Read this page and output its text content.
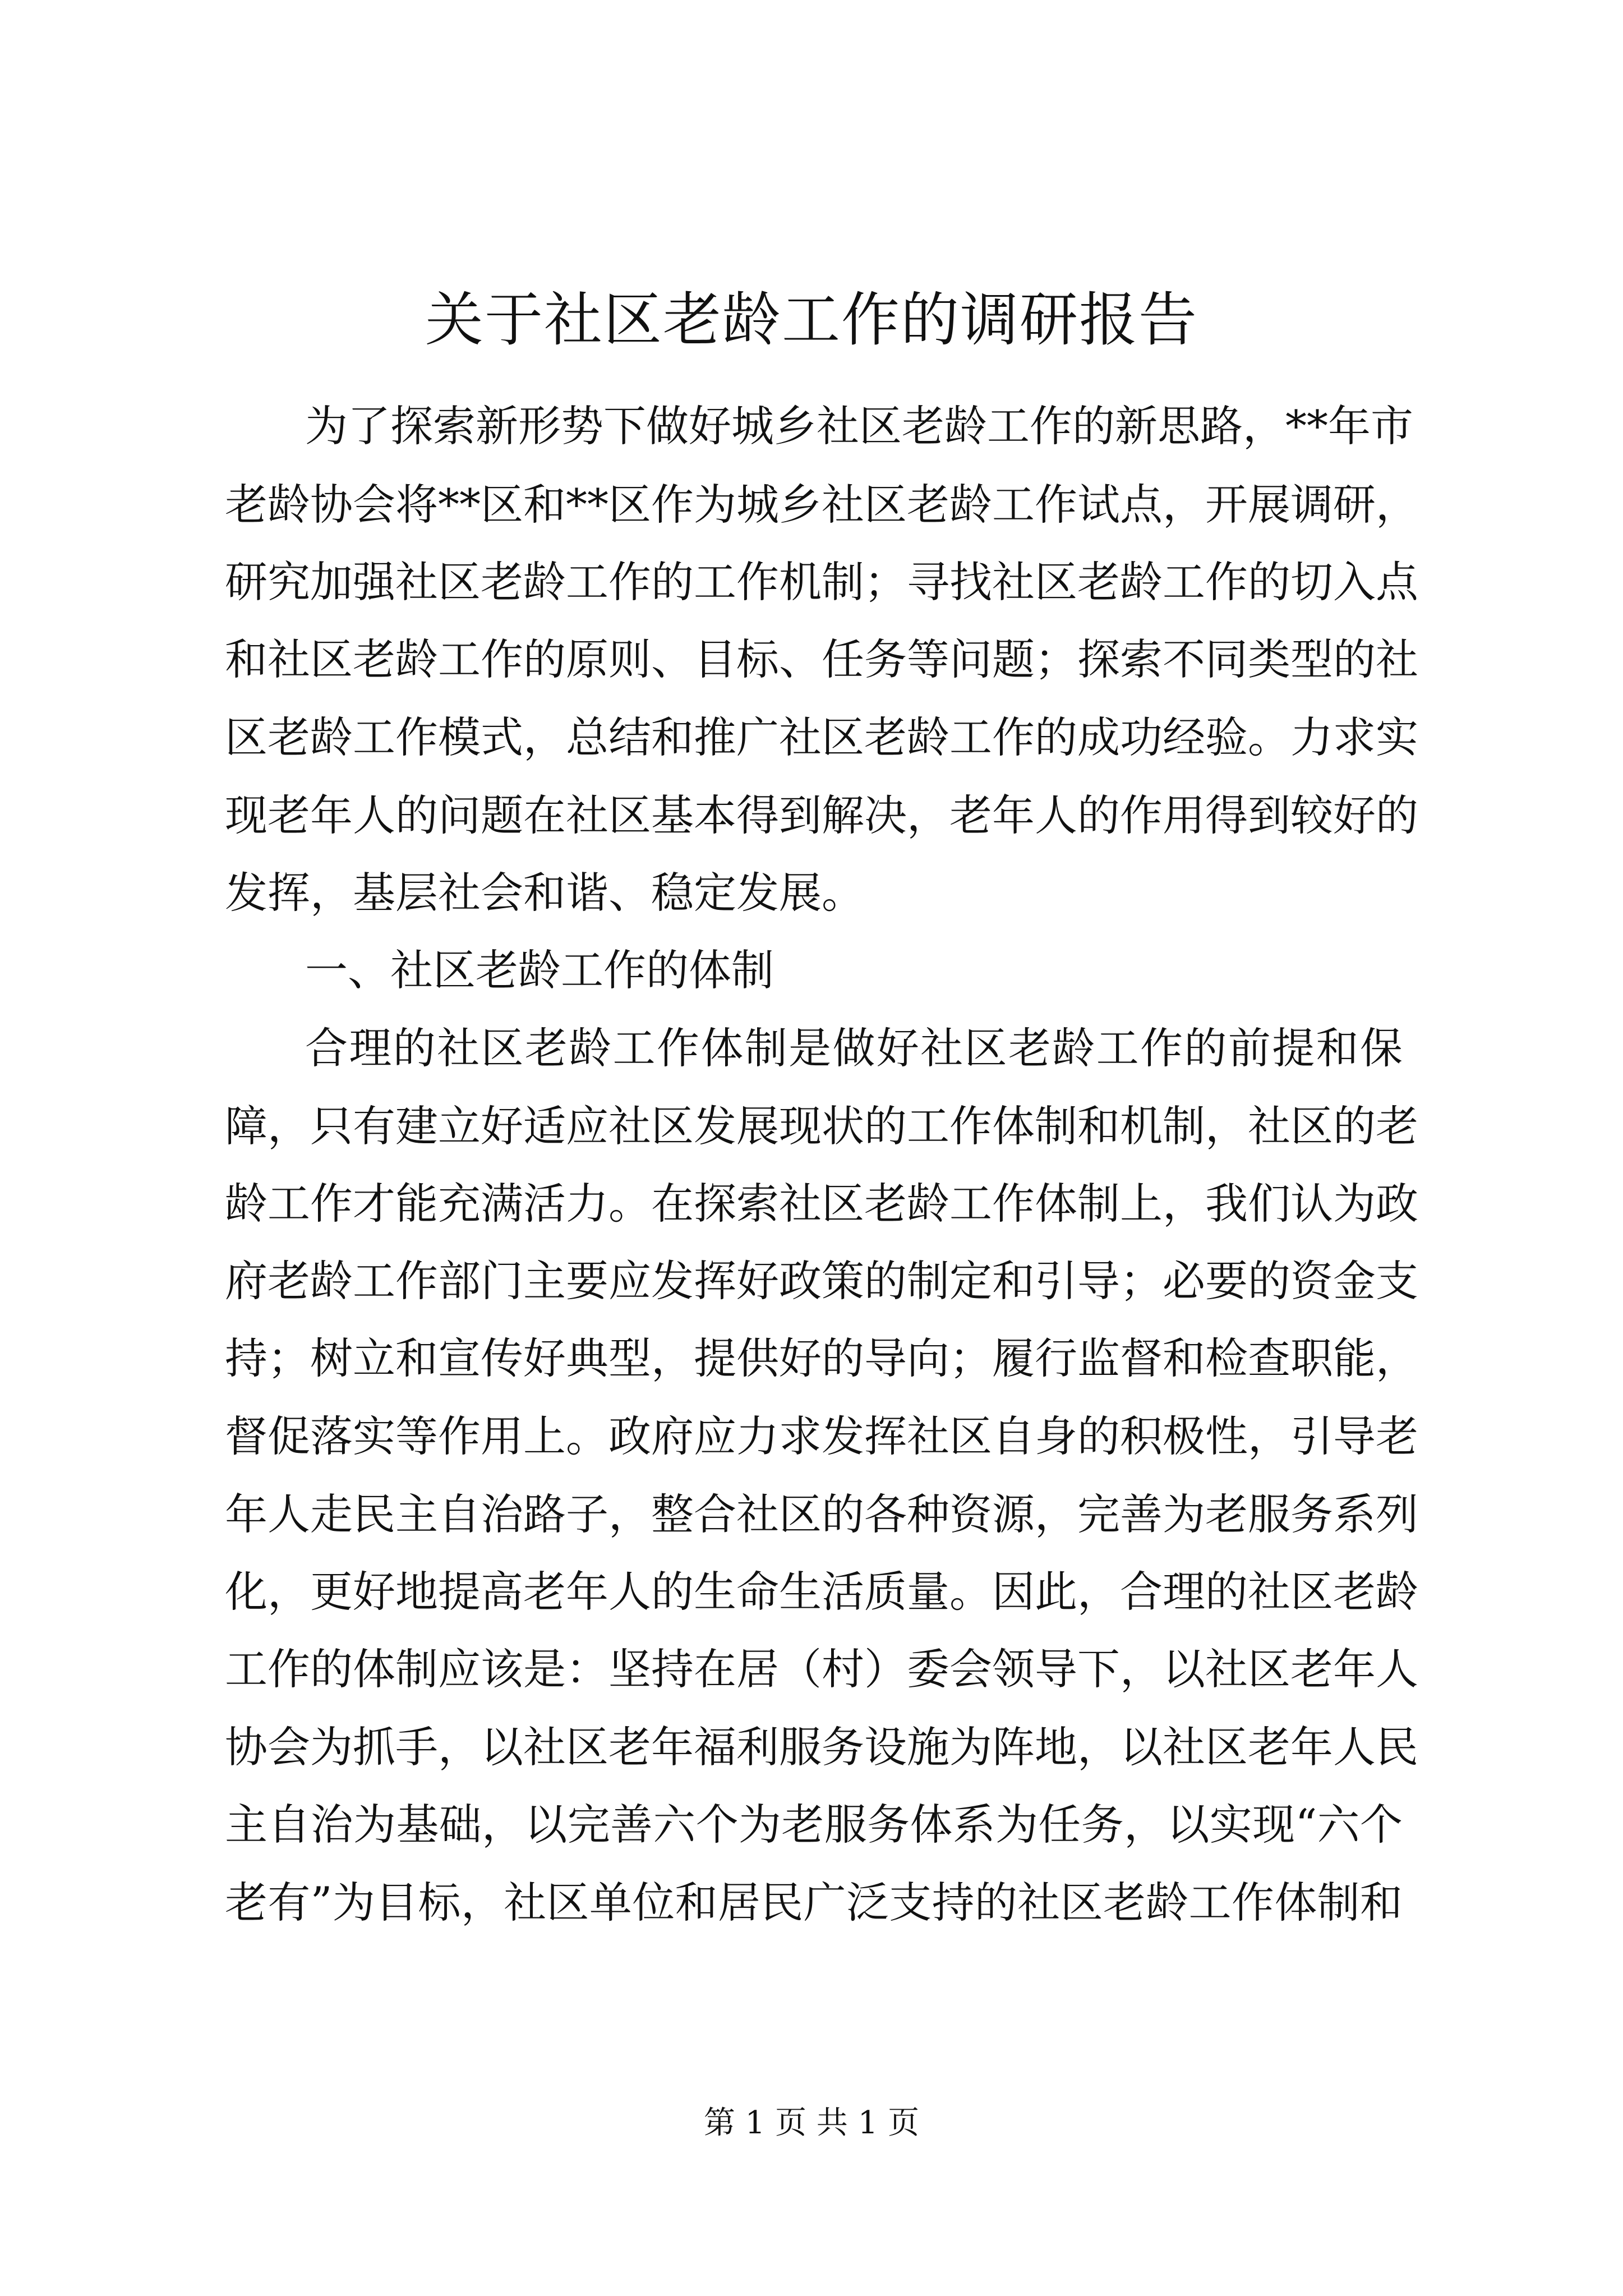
关于社区老龄工作的调研报告

为了探索新形势下做好城乡社区老龄工作的新思路，**年市

老龄协会将**区和**区作为城乡社区老龄工作试点，开展调研，

研究加强社区老龄工作的工作机制；寻找社区老龄工作的切入点

和社区老龄工作的原则、目标、任务等问题；探索不同类型的社

区老龄工作模式，总结和推广社区老龄工作的成功经验。力求实

现老年人的问题在社区基本得到解决，老年人的作用得到较好的

发挥，基层社会和谐、稳定发展。

一、社区老龄工作的体制

合理的社区老龄工作体制是做好社区老龄工作的前提和保

障，只有建立好适应社区发展现状的工作体制和机制，社区的老

龄工作才能充满活力。在探索社区老龄工作体制上，我们认为政

府老龄工作部门主要应发挥好政策的制定和引导；必要的资金支

持；树立和宣传好典型，提供好的导向；履行监督和检查职能，

督促落实等作用上。政府应力求发挥社区自身的积极性，引导老

年人走民主自治路子，整合社区的各种资源，完善为老服务系列

化，更好地提高老年人的生命生活质量。因此，合理的社区老龄

工作的体制应该是：坚持在居（村）委会领导下，以社区老年人

协会为抓手，以社区老年福利服务设施为阵地，以社区老年人民

主自治为基础，以完善六个为老服务体系为任务，以实现“六个

老有”为目标，社区单位和居民广泛支持的社区老龄工作体制和

第 1 页 共 1 页
